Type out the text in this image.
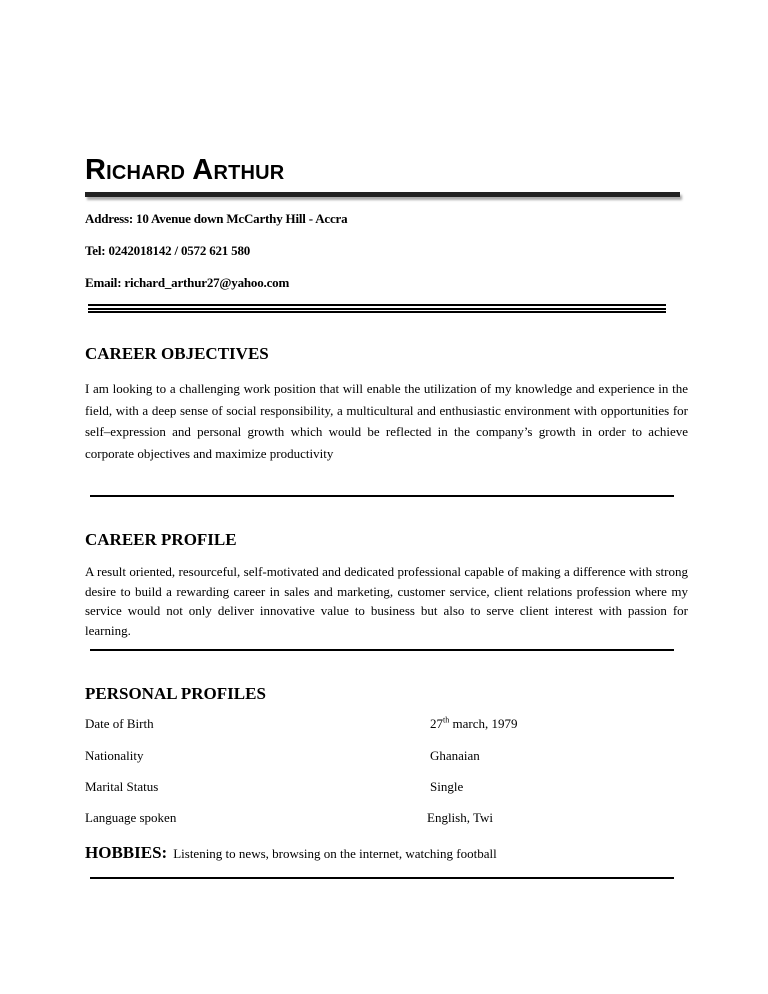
Richard Arthur
Address: 10 Avenue down McCarthy Hill - Accra
Tel: 0242018142 / 0572 621 580
Email: richard_arthur27@yahoo.com
CAREER OBJECTIVES
I am looking to a challenging work position that will enable the utilization of my knowledge and experience in the field, with a deep sense of social responsibility, a multicultural and enthusiastic environment with opportunities for self–expression and personal growth which would be reflected in the company’s growth in order to achieve corporate objectives and maximize productivity
CAREER PROFILE
A result oriented, resourceful, self-motivated and dedicated professional capable of making a difference with strong desire to build a rewarding career in sales and marketing, customer service, client relations profession where my service would not only deliver innovative value to business but also to serve client interest with passion for learning.
PERSONAL PROFILES
Date of Birth	27th march, 1979
Nationality	Ghanaian
Marital Status	Single
Language spoken	English, Twi
HOBBIES: Listening to news, browsing on the internet, watching football
